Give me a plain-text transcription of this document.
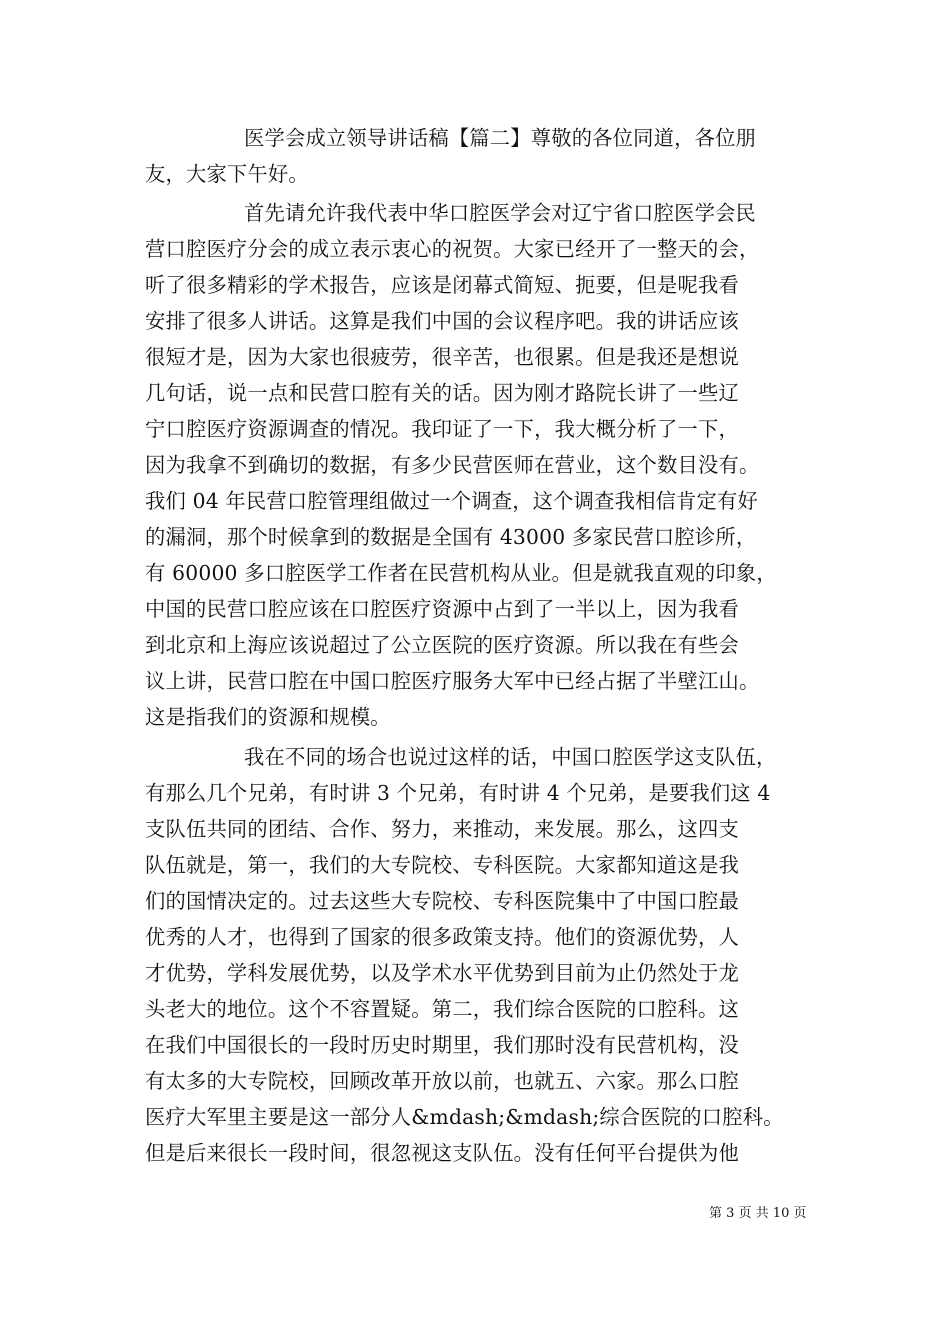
医学会成立领导讲话稿【篇二】尊敬的各位同道，各位朋
友，大家下午好。
首先请允许我代表中华口腔医学会对辽宁省口腔医学会民
营口腔医疗分会的成立表示衷心的祝贺。大家已经开了一整天的会，
听了很多精彩的学术报告，应该是闭幕式简短、扼要，但是呢我看
安排了很多人讲话。这算是我们中国的会议程序吧。我的讲话应该
很短才是，因为大家也很疲劳，很辛苦，也很累。但是我还是想说
几句话，说一点和民营口腔有关的话。因为刚才路院长讲了一些辽
宁口腔医疗资源调查的情况。我印证了一下，我大概分析了一下，
因为我拿不到确切的数据，有多少民营医师在营业，这个数目没有。
我们 04 年民营口腔管理组做过一个调查，这个调查我相信肯定有好
的漏洞，那个时候拿到的数据是全国有 43000 多家民营口腔诊所，
有 60000 多口腔医学工作者在民营机构从业。但是就我直观的印象，
中国的民营口腔应该在口腔医疗资源中占到了一半以上，因为我看
到北京和上海应该说超过了公立医院的医疗资源。所以我在有些会
议上讲，民营口腔在中国口腔医疗服务大军中已经占据了半壁江山。
这是指我们的资源和规模。
我在不同的场合也说过这样的话，中国口腔医学这支队伍，
有那么几个兄弟，有时讲 3 个兄弟，有时讲 4 个兄弟，是要我们这 4
支队伍共同的团结、合作、努力，来推动，来发展。那么，这四支
队伍就是，第一，我们的大专院校、专科医院。大家都知道这是我
们的国情决定的。过去这些大专院校、专科医院集中了中国口腔最
优秀的人才，也得到了国家的很多政策支持。他们的资源优势，人
才优势，学科发展优势，以及学术水平优势到目前为止仍然处于龙
头老大的地位。这个不容置疑。第二，我们综合医院的口腔科。这
在我们中国很长的一段时历史时期里，我们那时没有民营机构，没
有太多的大专院校，回顾改革开放以前，也就五、六家。那么口腔
医疗大军里主要是这一部分人&mdash;&mdash;综合医院的口腔科。
但是后来很长一段时间，很忽视这支队伍。没有任何平台提供为他
第 3 页 共 10 页
